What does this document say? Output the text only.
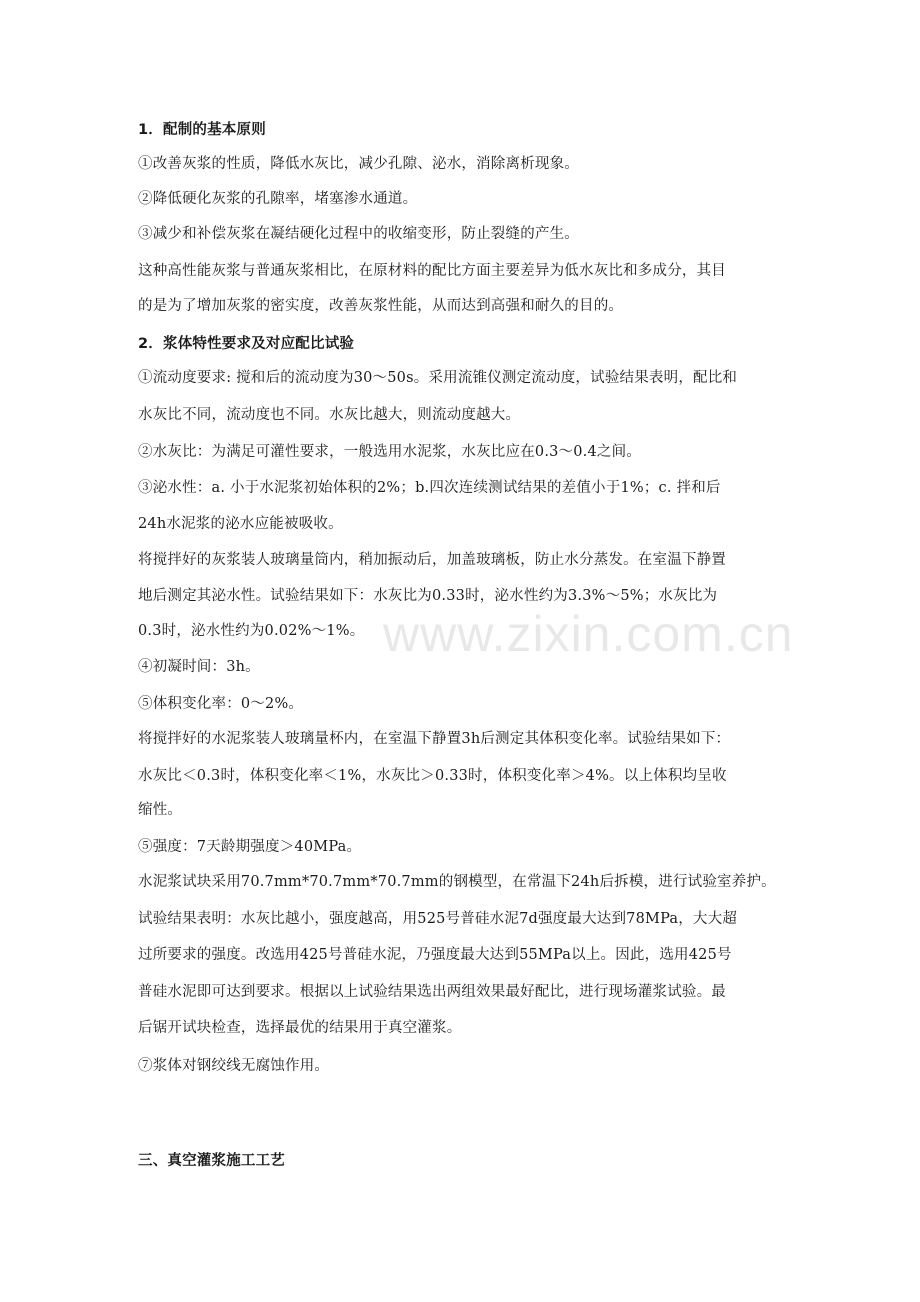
www.zixin.com.cn

1．配制的基本原则

①改善灰浆的性质，降低水灰比，减少孔隙、泌水，消除离析现象。

②降低硬化灰浆的孔隙率，堵塞渗水通道。

③减少和补偿灰浆在凝结硬化过程中的收缩变形，防止裂缝的产生。

这种高性能灰浆与普通灰浆相比，在原材料的配比方面主要差异为低水灰比和多成分，其目

的是为了增加灰浆的密实度，改善灰浆性能，从而达到高强和耐久的目的。

2．浆体特性要求及对应配比试验

①流动度要求: 搅和后的流动度为30～50s。采用流锥仪测定流动度，试验结果表明，配比和

水灰比不同，流动度也不同。水灰比越大，则流动度越大。

②水灰比：为满足可灌性要求，一般选用水泥浆，水灰比应在0.3～0.4之间。

③泌水性：a. 小于水泥浆初始体积的2%；b.四次连续测试结果的差值小于1%；c. 拌和后

24h水泥浆的泌水应能被吸收。

将搅拌好的灰浆装人玻璃量筒内，稍加振动后，加盖玻璃板，防止水分蒸发。在室温下静置

地后测定其泌水性。试验结果如下：水灰比为0.33时，泌水性约为3.3%～5%；水灰比为

0.3时，泌水性约为0.02%～1%。

④初凝时间：3h。

⑤体积变化率：0～2%。

将搅拌好的水泥浆装人玻璃量杯内，在室温下静置3h后测定其体积变化率。试验结果如下：

水灰比＜0.3时，体积变化率＜1%，水灰比＞0.33时，体积变化率＞4%。以上体积均呈收

缩性。

⑤强度：7天龄期强度＞40MPa。

水泥浆试块采用70.7mm*70.7mm*70.7mm的钢模型，在常温下24h后拆模，进行试验室养护。

试验结果表明：水灰比越小，强度越高，用525号普硅水泥7d强度最大达到78MPa，大大超

过所要求的强度。改选用425号普硅水泥，乃强度最大达到55MPa以上。因此，选用425号

普硅水泥即可达到要求。根据以上试验结果选出两组效果最好配比，进行现场灌浆试验。最

后锯开试块检查，选择最优的结果用于真空灌浆。

⑦浆体对钢绞线无腐蚀作用。

三、真空灌浆施工工艺
